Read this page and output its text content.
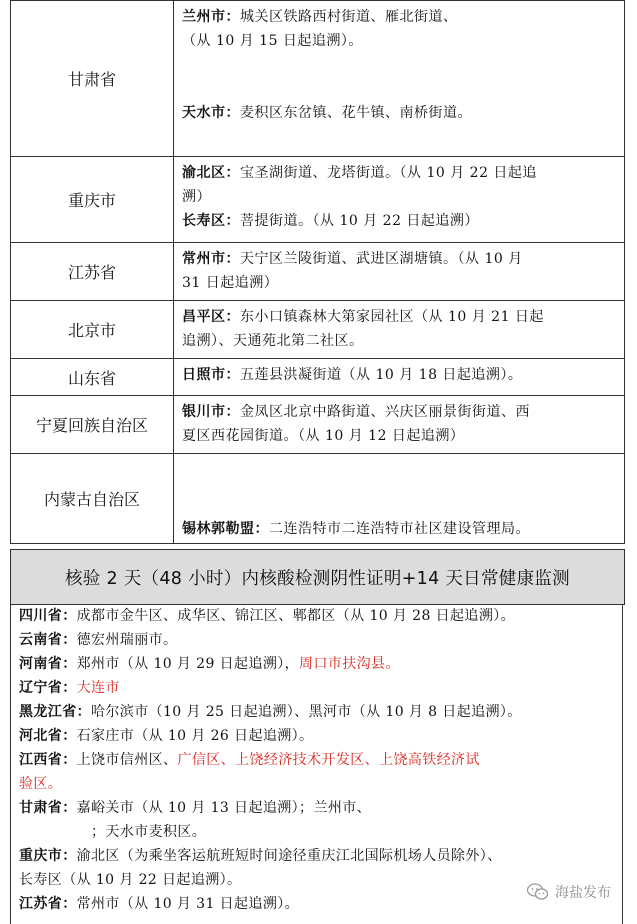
甘肃省	兰州市：城关区铁路西村街道、雁北街道、
（从 10 月 15 日起追溯）。

天水市：麦积区东岔镇、花牛镇、南桥街道。

重庆市	渝北区：宝圣湖街道、龙塔街道。（从 10 月 22 日起追
溯）
长寿区：菩提街道。（从 10 月 22 日起追溯）

江苏省	常州市：天宁区兰陵街道、武进区湖塘镇。（从 10 月
31 日起追溯）

北京市	昌平区：东小口镇森林大第家园社区（从 10 月 21 日起
追溯）、天通苑北第二社区。

山东省	日照市：五莲县洪凝街道（从 10 月 18 日起追溯）。

宁夏回族自治区	银川市：金凤区北京中路街道、兴庆区丽景街街道、西
夏区西花园街道。（从 10 月 12 日起追溯）

内蒙古自治区	锡林郭勒盟：二连浩特市二连浩特市社区建设管理局。
核验 2 天（48 小时）内核酸检测阴性证明+14 天日常健康监测
四川省：成都市金牛区、成华区、锦江区、郫都区（从 10 月 28 日起追溯）。
云南省：德宏州瑞丽市。
河南省：郑州市（从 10 月 29 日起追溯），周口市扶沟县。
辽宁省：大连市
黑龙江省：哈尔滨市（10 月 25 日起追溯）、黑河市（从 10 月 8 日起追溯）。
河北省：石家庄市（从 10 月 26 日起追溯）。
江西省：上饶市信州区、广信区、上饶经济技术开发区、上饶高铁经济试
验区。
甘肃省：嘉峪关市（从 10 月 13 日起追溯）；兰州市、
　　　　　；天水市麦积区。
重庆市：渝北区（为乘坐客运航班短时间途径重庆江北国际机场人员除外）、
长寿区（从 10 月 22 日起追溯）。
江苏省：常州市（从 10 月 31 日起追溯）。
海盐发布
